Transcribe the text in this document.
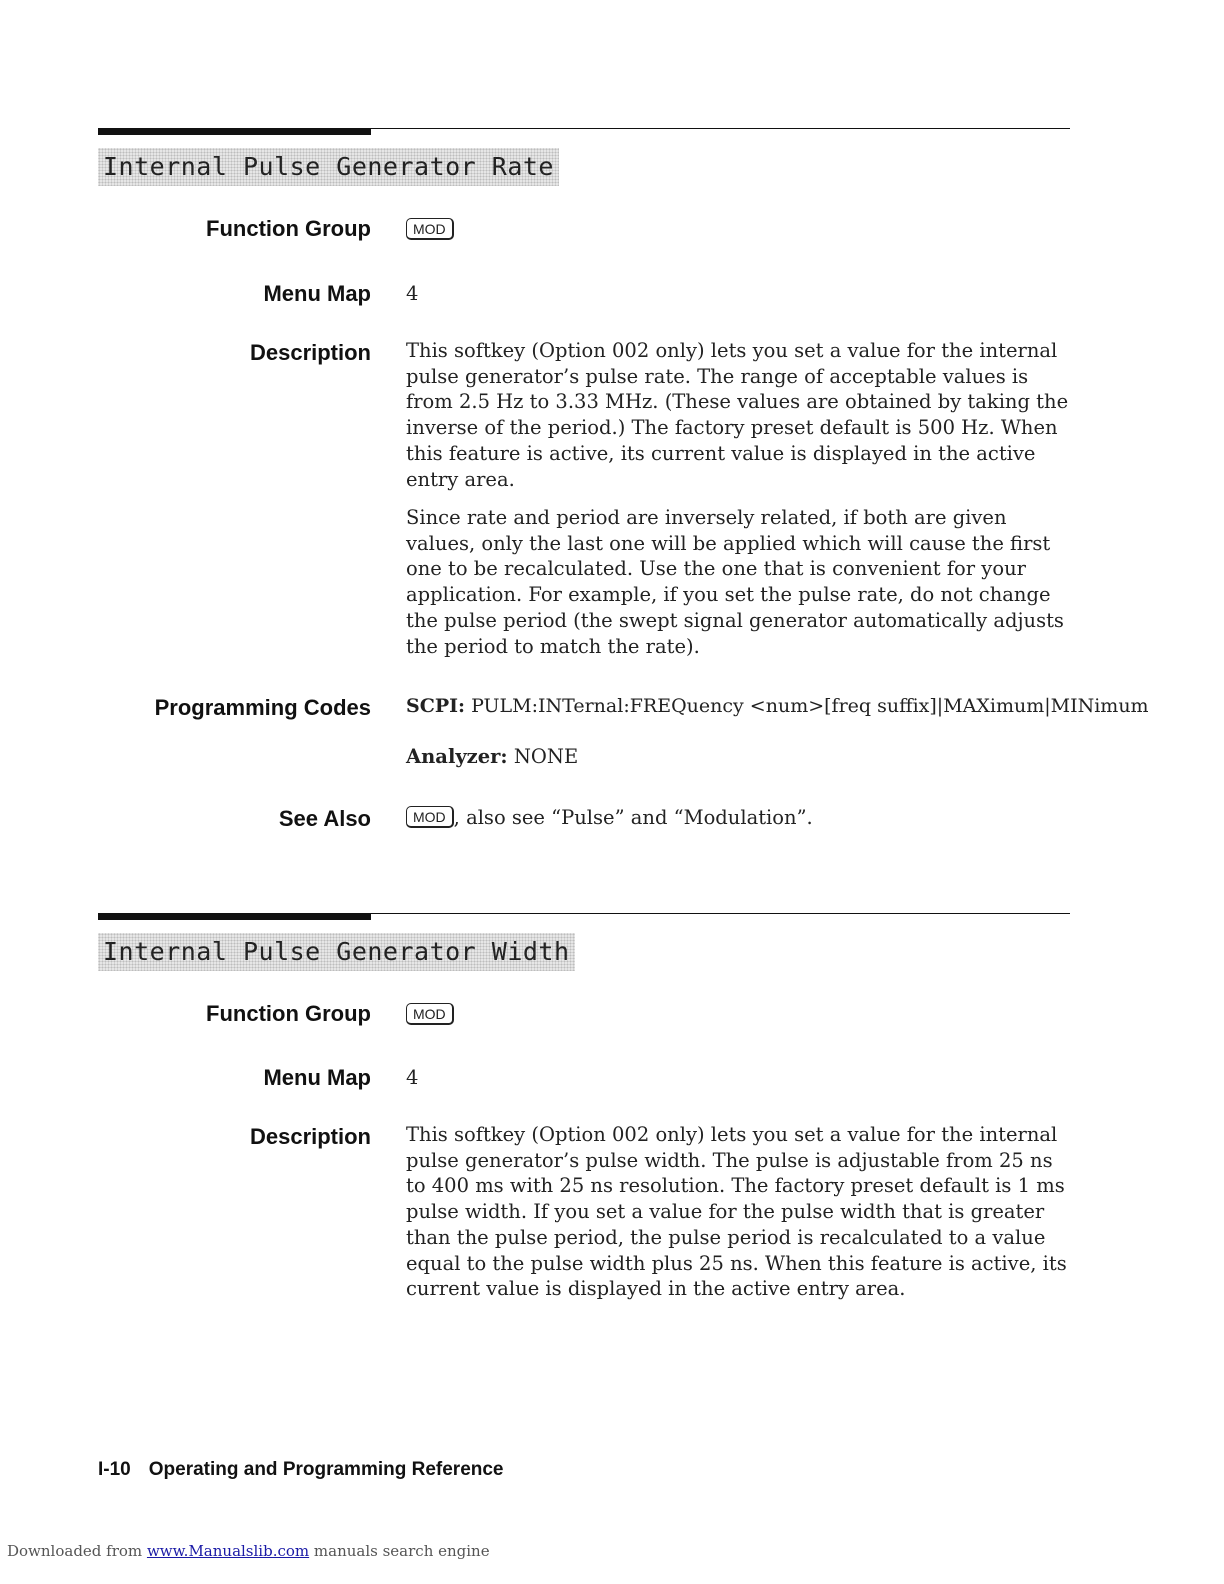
Internal Pulse Generator Rate
Function Group	MOD
Menu Map 4
Description This softkey (Option 002 only) lets you set a value for the internal pulse generator’s pulse rate. The range of acceptable values is from 2.5 Hz to 3.33 MHz. (These values are obtained by taking the inverse of the period.) The factory preset default is 500 Hz. When this feature is active, its current value is displayed in the active entry area.

Since rate and period are inversely related, if both are given values, only the last one will be applied which will cause the first one to be recalculated. Use the one that is convenient for your application. For example, if you set the pulse rate, do not change the pulse period (the swept signal generator automatically adjusts the period to match the rate).

Programming Codes SCPI: PULM:INTernal:FREQuency <num>[freq suffix]|MAXimum|MINimum
Analyzer: NONE
See Also	MOD , also see “Pulse” and “Modulation”.
Internal Pulse Generator Width
Function Group	MOD
Menu Map 4
Description This softkey (Option 002 only) lets you set a value for the internal pulse generator’s pulse width. The pulse is adjustable from 25 ns to 400 ms with 25 ns resolution. The factory preset default is 1 ms pulse width. If you set a value for the pulse width that is greater than the pulse period, the pulse period is recalculated to a value equal to the pulse width plus 25 ns. When this feature is active, its current value is displayed in the active entry area.

I-10 Operating and Programming Reference
Downloaded from www.Manualslib.com manuals search engine
